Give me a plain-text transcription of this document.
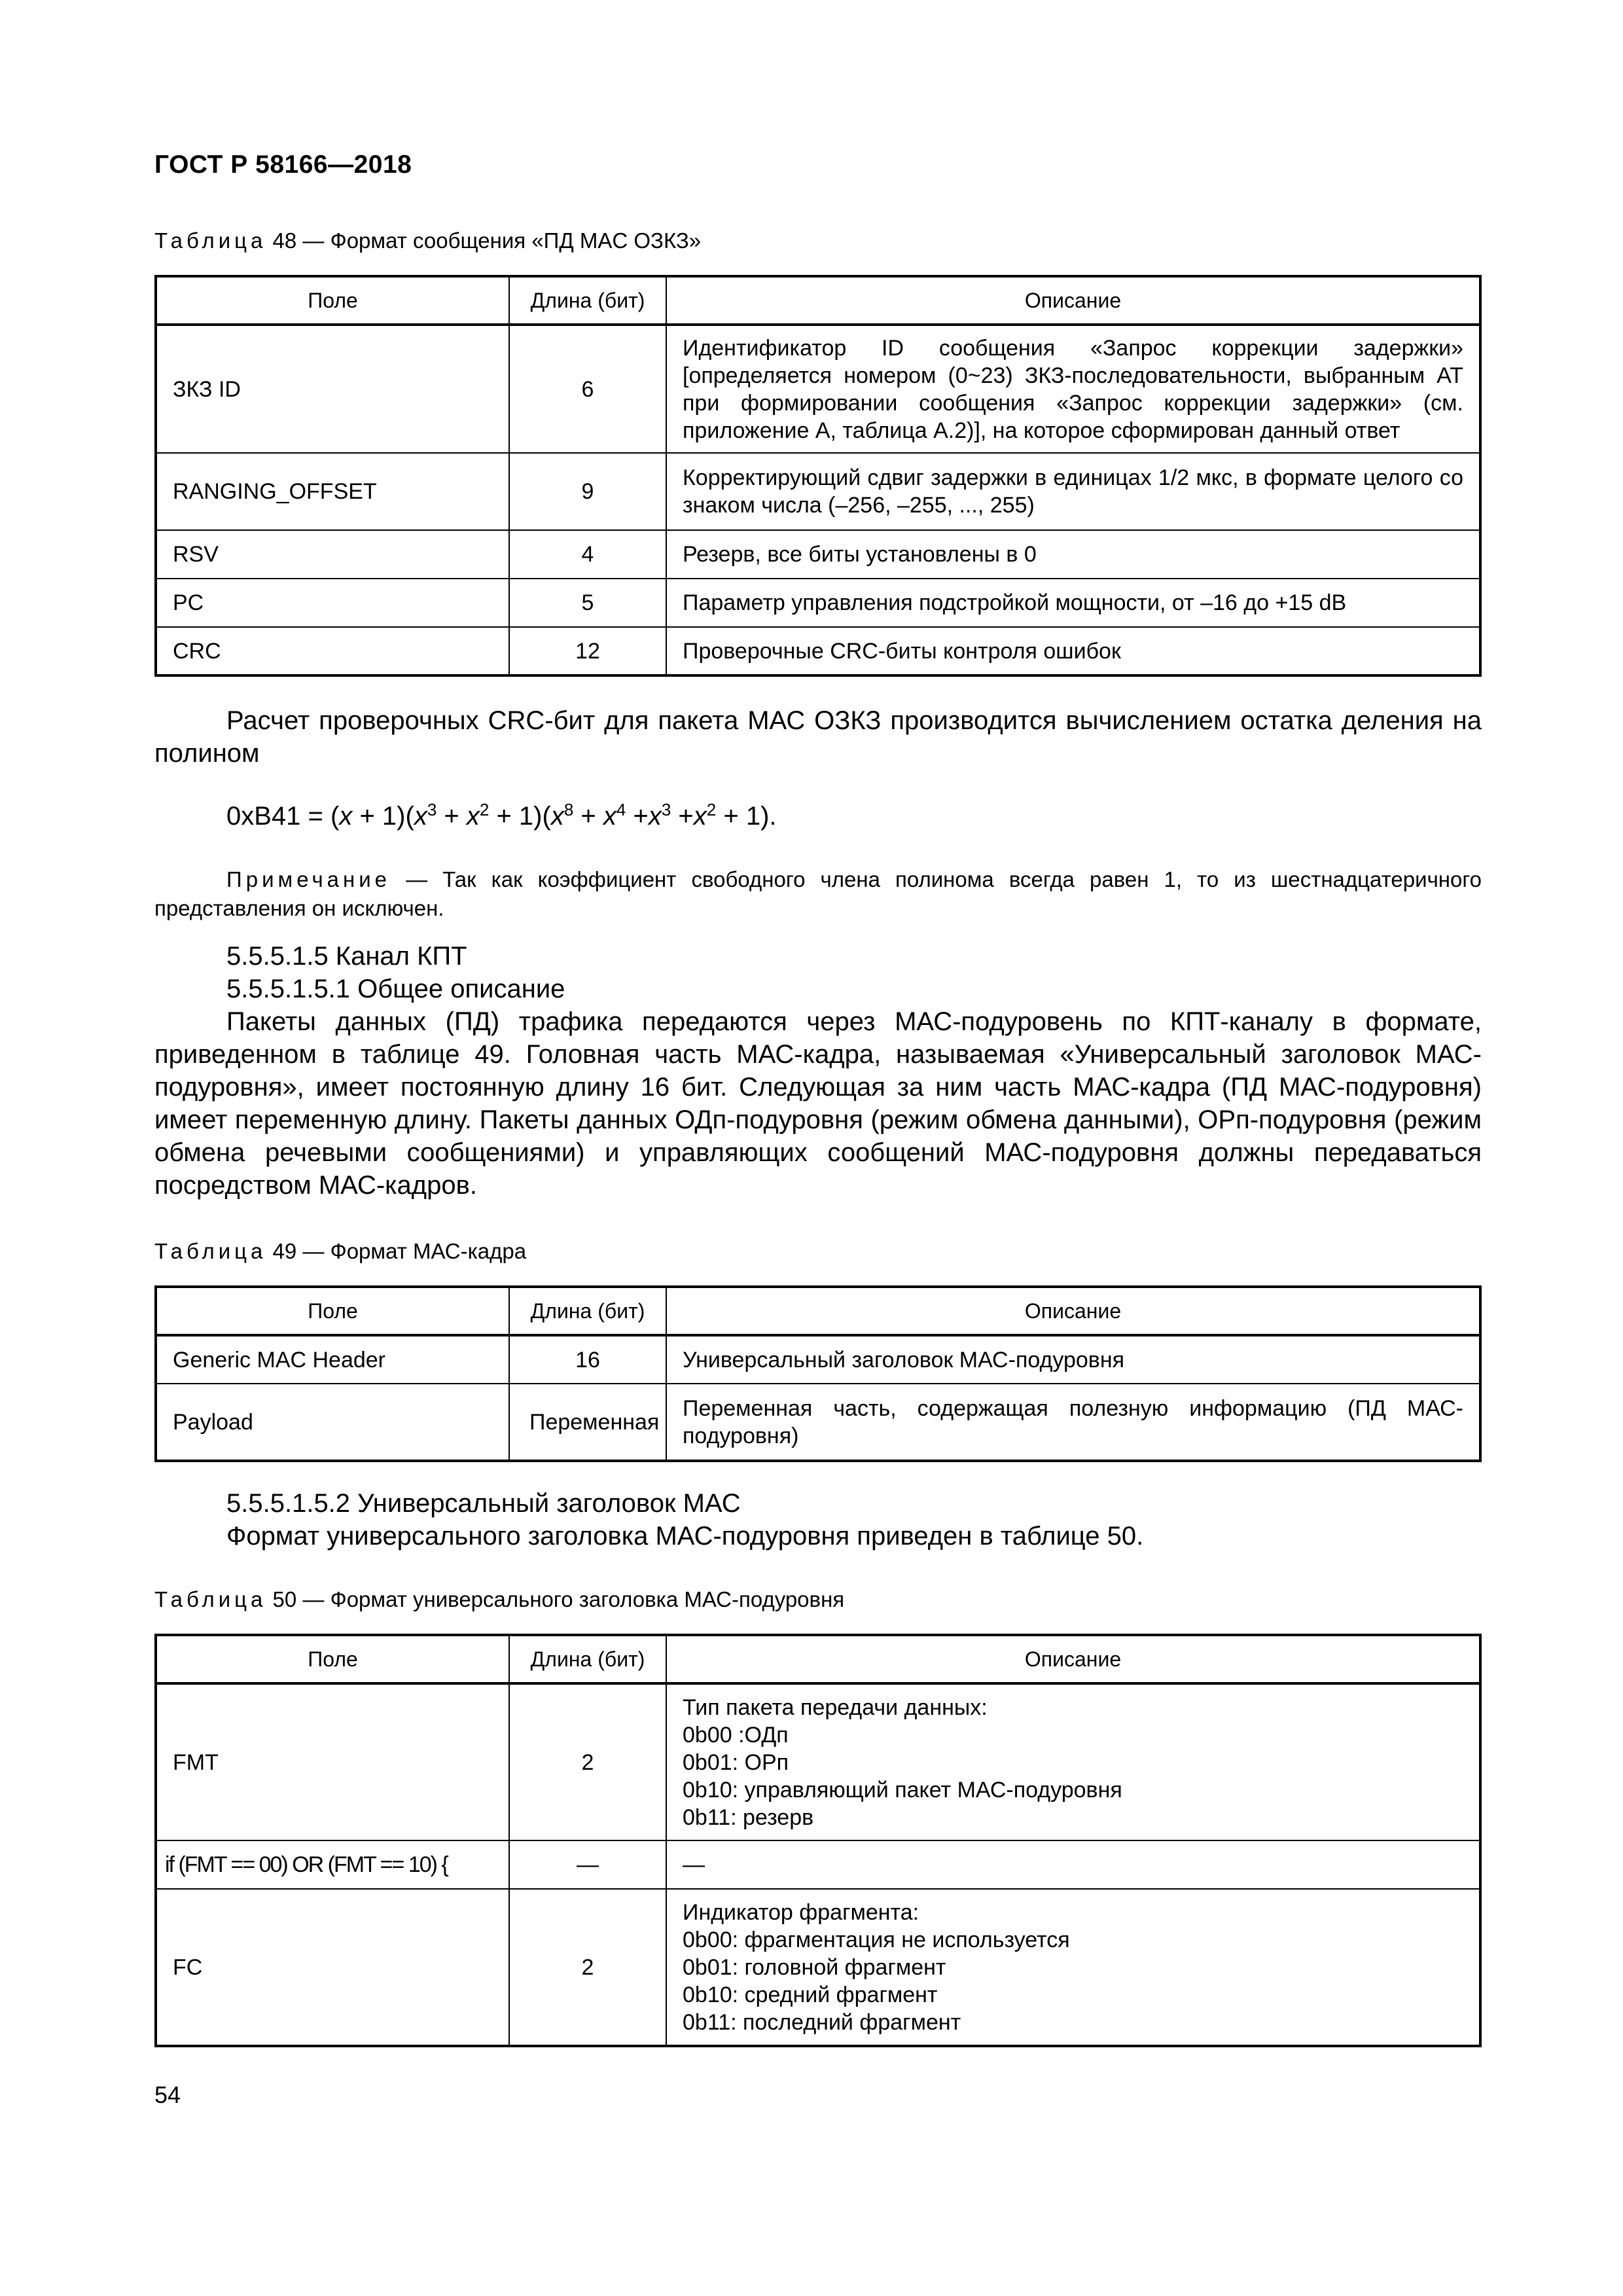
ГОСТ Р 58166—2018
Таблица 48 — Формат сообщения «ПД MAC ОЗКЗ»
Поле	Длина (бит)	Описание
ЗКЗ ID	6	Идентификатор ID сообщения «Запрос коррекции задержки» [определяется номером (0~23) ЗКЗ-последовательности, выбранным АТ при формировании сообщения «Запрос коррекции задержки» (см. приложение А, таблица А.2)], на которое сформирован данный ответ
RANGING_OFFSET	9	Корректирующий сдвиг задержки в единицах 1/2 мкс, в формате целого со знаком числа (–256, –255, ..., 255)
RSV	4	Резерв, все биты установлены в 0
PC	5	Параметр управления подстройкой мощности, от –16 до +15 dB
CRC	12	Проверочные CRC-биты контроля ошибок
Расчет проверочных CRC-бит для пакета МАС ОЗКЗ производится вычислением остатка деления на полином
$0xB41 = (x + 1)(x^3 + x^2 + 1)(x^8 + x^4 +x^3 +x^2 + 1)$.
Примечание — Так как коэффициент свободного члена полинома всегда равен 1, то из шестнадцатеричного представления он исключен.
5.5.5.1.5 Канал КПТ
5.5.5.1.5.1 Общее описание
Пакеты данных (ПД) трафика передаются через МАС-подуровень по КПТ-каналу в формате, приведенном в таблице 49. Головная часть МАС-кадра, называемая «Универсальный заголовок МАС-подуровня», имеет постоянную длину 16 бит. Следующая за ним часть МАС-кадра (ПД МАС-подуровня) имеет переменную длину. Пакеты данных ОДп-подуровня (режим обмена данными), ОРп-подуровня (режим обмена речевыми сообщениями) и управляющих сообщений МАС-подуровня должны передаваться посредством МАС-кадров.
Таблица 49 — Формат МАС-кадра
Поле	Длина (бит)	Описание
Generic MAC Header	16	Универсальный заголовок МАС-подуровня
Payload	Переменная	Переменная часть, содержащая полезную информацию (ПД МАС-подуровня)
5.5.5.1.5.2 Универсальный заголовок МАС
Формат универсального заголовка МАС-подуровня приведен в таблице 50.
Таблица 50 — Формат универсального заголовка МАС-подуровня
Поле	Длина (бит)	Описание
FMT	2	Тип пакета передачи данных:
0b00 :ОДп
0b01: ОРп
0b10: управляющий пакет МАС-подуровня
0b11: резерв

if (FMT == 00) OR (FMT == 10) {	—	—
FC	2	Индикатор фрагмента:
0b00: фрагментация не используется
0b01: головной фрагмент
0b10: средний фрагмент
0b11: последний фрагмент
54
